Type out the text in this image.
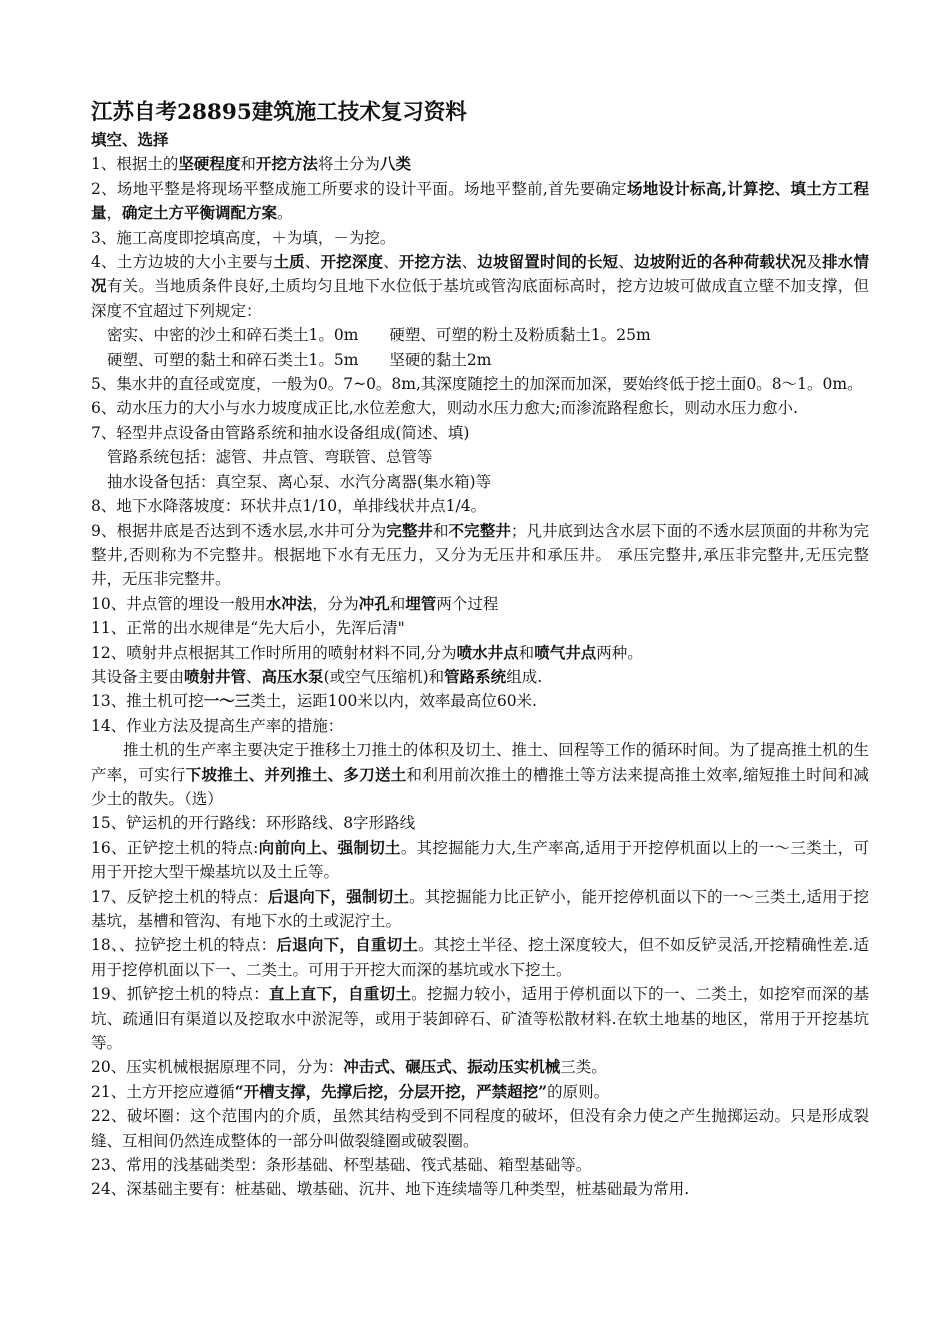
江苏自考28895建筑施工技术复习资料

填空、选择

1、根据土的坚硬程度和开挖方法将土分为八类

2、场地平整是将现场平整成施工所要求的设计平面。场地平整前,首先要确定场地设计标高,计算挖、填土方工程量，确定土方平衡调配方案。

3、施工高度即挖填高度，＋为填，－为挖。

4、土方边坡的大小主要与土质、开挖深度、开挖方法、边坡留置时间的长短、边坡附近的各种荷载状况及排水情况有关。当地质条件良好,土质均匀且地下水位低于基坑或管沟底面标高时，挖方边坡可做成直立壁不加支撑，但深度不宜超过下列规定：

密实、中密的沙土和碎石类土1。0m　　硬塑、可塑的粉土及粉质黏土1。25m

硬塑、可塑的黏土和碎石类土1。5m　　坚硬的黏土2m

5、集水井的直径或宽度，一般为0。7~0。8m,其深度随挖土的加深而加深，要始终低于挖土面0。8～1。0m。

6、动水压力的大小与水力坡度成正比,水位差愈大，则动水压力愈大;而渗流路程愈长，则动水压力愈小.

7、轻型井点设备由管路系统和抽水设备组成(简述、填)

管路系统包括：滤管、井点管、弯联管、总管等

抽水设备包括：真空泵、离心泵、水汽分离器(集水箱)等

8、地下水降落坡度：环状井点1/10，单排线状井点1/4。

9、根据井底是否达到不透水层,水井可分为完整井和不完整井；凡井底到达含水层下面的不透水层顶面的井称为完整井,否则称为不完整井。根据地下水有无压力，又分为无压井和承压井。 承压完整井,承压非完整井,无压完整井，无压非完整井。

10、井点管的埋设一般用水冲法，分为冲孔和埋管两个过程

11、正常的出水规律是“先大后小，先浑后清"

12、喷射井点根据其工作时所用的喷射材料不同,分为喷水井点和喷气井点两种。

其设备主要由喷射井管、高压水泵(或空气压缩机)和管路系统组成.

13、推土机可挖一～三类土，运距100米以内，效率最高位60米.

14、作业方法及提高生产率的措施：

推土机的生产率主要决定于推移土刀推土的体积及切土、推土、回程等工作的循环时间。为了提高推土机的生产率，可实行下坡推土、并列推土、多刀送土和利用前次推土的槽推土等方法来提高推土效率,缩短推土时间和减少土的散失。（选）

15、铲运机的开行路线：环形路线、8字形路线

16、正铲挖土机的特点:向前向上、强制切土。其挖掘能力大,生产率高,适用于开挖停机面以上的一～三类土，可用于开挖大型干燥基坑以及土丘等。

17、反铲挖土机的特点：后退向下，强制切土。其挖掘能力比正铲小，能开挖停机面以下的一～三类土,适用于挖基坑，基槽和管沟、有地下水的土或泥泞土。

18、、拉铲挖土机的特点：后退向下，自重切土。其挖土半径、挖土深度较大，但不如反铲灵活,开挖精确性差.适用于挖停机面以下一、二类土。可用于开挖大而深的基坑或水下挖土。

19、抓铲挖土机的特点：直上直下，自重切土。挖掘力较小，适用于停机面以下的一、二类土，如挖窄而深的基坑、疏通旧有渠道以及挖取水中淤泥等，或用于装卸碎石、矿渣等松散材料.在软土地基的地区，常用于开挖基坑等。

20、压实机械根据原理不同，分为：冲击式、碾压式、振动压实机械三类。

21、土方开挖应遵循“开槽支撑，先撑后挖，分层开挖，严禁超挖”的原则。

22、破坏圈：这个范围内的介质，虽然其结构受到不同程度的破坏，但没有余力使之产生抛掷运动。只是形成裂缝、互相间仍然连成整体的一部分叫做裂缝圈或破裂圈。

23、常用的浅基础类型：条形基础、杯型基础、筏式基础、箱型基础等。

24、深基础主要有：桩基础、墩基础、沉井、地下连续墙等几种类型，桩基础最为常用.
